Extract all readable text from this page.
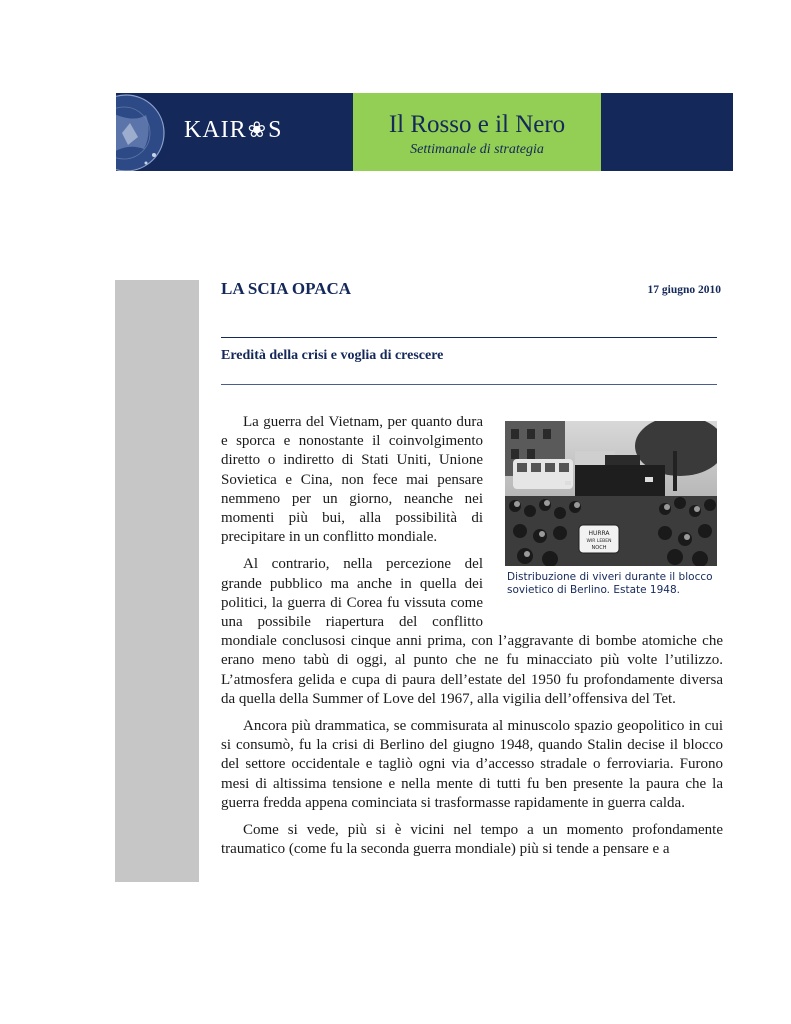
KAIR❀S	Il Rosso e il Nero
Settimanale di strategia
LA SCIA OPACA	17 giugno 2010
Eredità della crisi e voglia di crescere
HURRA
WIR LEBEN
NOCH
Distribuzione di viveri durante il blocco sovietico di Berlino. Estate 1948.

La guerra del Vietnam, per quanto dura e sporca e nonostante il coinvolgimento diretto o indiretto di Stati Uniti, Unione Sovietica e Cina, non fece mai pensare nemmeno per un giorno, neanche nei momenti più bui, alla possibilità di precipitare in un conflitto mondiale.

Al contrario, nella percezione del grande pubblico ma anche in quella dei politici, la guerra di Corea fu vissuta come una possibile riapertura del conflitto mondiale conclusosi cinque anni prima, con l’aggravante di bombe atomiche che erano meno tabù di oggi, al punto che ne fu minacciato più volte l’utilizzo. L’atmosfera gelida e cupa di paura dell’estate del 1950 fu profondamente diversa da quella della Summer of Love del 1967, alla vigilia dell’offensiva del Tet.

Ancora più drammatica, se commisurata al minuscolo spazio geopolitico in cui si consumò, fu la crisi di Berlino del giugno 1948, quando Stalin decise il blocco del settore occidentale e tagliò ogni via d’accesso stradale o ferroviaria. Furono mesi di altissima tensione e nella mente di tutti fu ben presente la paura che la guerra fredda appena cominciata si trasformasse rapidamente in guerra calda.

Come si vede, più si è vicini nel tempo a un momento profondamente traumatico (come fu la seconda guerra mondiale) più si tende a pensare e a
